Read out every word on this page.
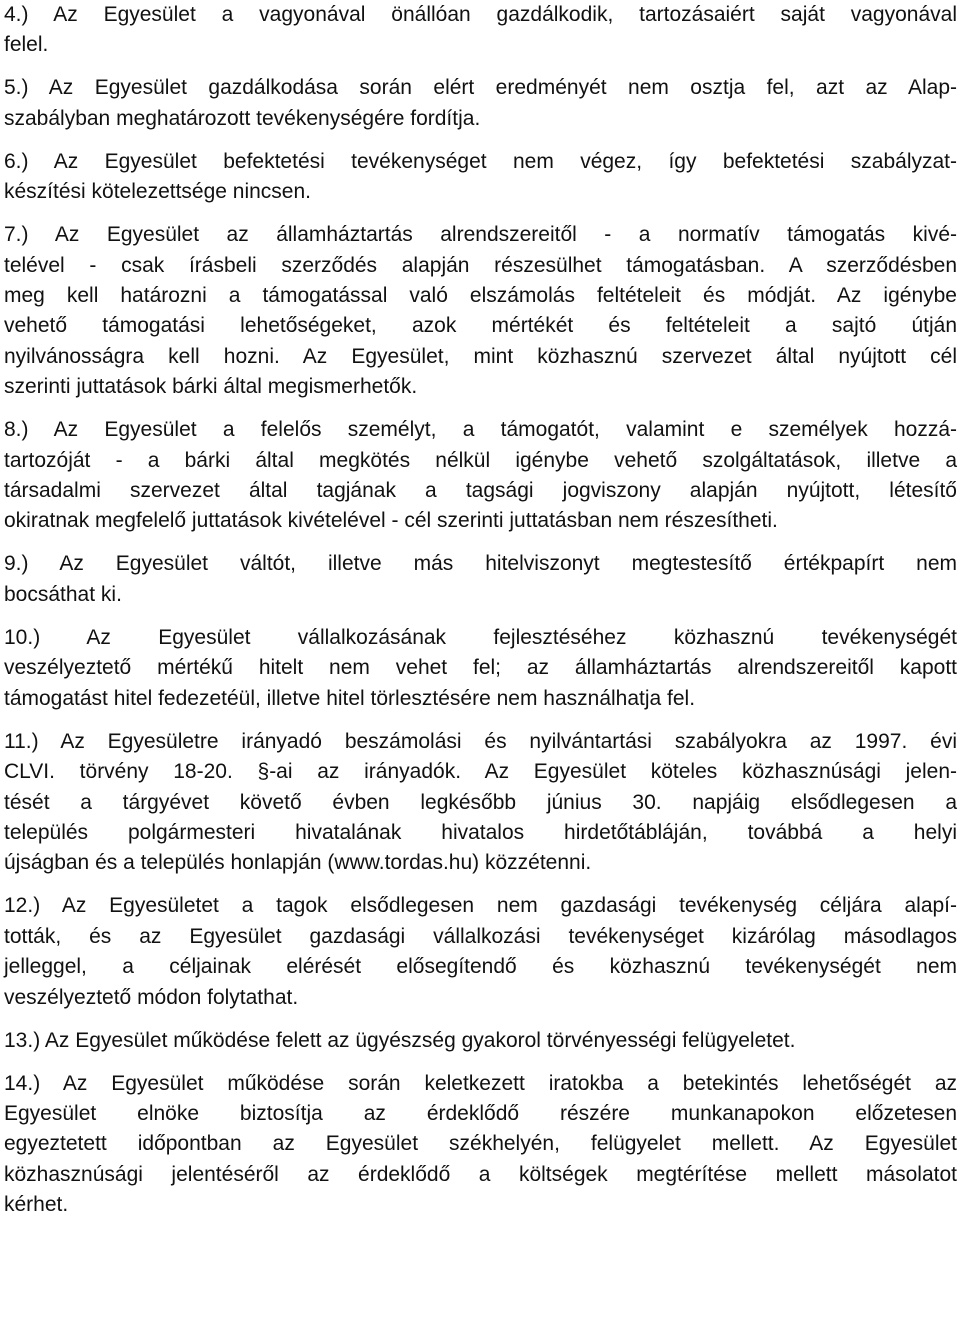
4.) Az Egyesület a vagyonával önállóan gazdálkodik, tartozásaiért saját vagyonával
felel.

5.) Az Egyesület gazdálkodása során elért eredményét nem osztja fel, azt az Alap-
szabályban meghatározott tevékenységére fordítja.

6.) Az Egyesület befektetési tevékenységet nem végez, így befektetési szabályzat-
készítési kötelezettsége nincsen.

7.) Az Egyesület az államháztartás alrendszereitől - a normatív támogatás kivé-
telével - csak írásbeli szerződés alapján részesülhet támogatásban. A szerződésben
meg kell határozni a támogatással való elszámolás feltételeit és módját. Az igénybe
vehető támogatási lehetőségeket, azok mértékét és feltételeit a sajtó útján
nyilvánosságra kell hozni. Az Egyesület, mint közhasznú szervezet által nyújtott cél
szerinti juttatások bárki által megismerhetők.

8.) Az Egyesület a felelős személyt, a támogatót, valamint e személyek hozzá-
tartozóját - a bárki által megkötés nélkül igénybe vehető szolgáltatások, illetve a
társadalmi szervezet által tagjának a tagsági jogviszony alapján nyújtott, létesítő
okiratnak megfelelő juttatások kivételével - cél szerinti juttatásban nem részesítheti.

9.) Az Egyesület váltót, illetve más hitelviszonyt megtestesítő értékpapírt nem
bocsáthat ki.

10.) Az Egyesület vállalkozásának fejlesztéséhez közhasznú tevékenységét
veszélyeztető mértékű hitelt nem vehet fel; az államháztartás alrendszereitől kapott
támogatást hitel fedezetéül, illetve hitel törlesztésére nem használhatja fel.

11.) Az Egyesületre irányadó beszámolási és nyilvántartási szabályokra az 1997. évi
CLVI. törvény 18-20. §-ai az irányadók. Az Egyesület köteles közhasznúsági jelen-
tését a tárgyévet követő évben legkésőbb június 30. napjáig elsődlegesen a
település polgármesteri hivatalának hivatalos hirdetőtábláján, továbbá a helyi
újságban és a település honlapján (www.tordas.hu) közzétenni.

12.) Az Egyesületet a tagok elsődlegesen nem gazdasági tevékenység céljára alapí-
tották, és az Egyesület gazdasági vállalkozási tevékenységet kizárólag másodlagos
jelleggel, a céljainak elérését elősegítendő és közhasznú tevékenységét nem
veszélyeztető módon folytathat.

13.) Az Egyesület működése felett az ügyészség gyakorol törvényességi felügyeletet.

14.) Az Egyesület működése során keletkezett iratokba a betekintés lehetőségét az
Egyesület elnöke biztosítja az érdeklődő részére munkanapokon előzetesen
egyeztetett időpontban az Egyesület székhelyén, felügyelet mellett. Az Egyesület
közhasznúsági jelentéséről az érdeklődő a költségek megtérítése mellett másolatot
kérhet.
